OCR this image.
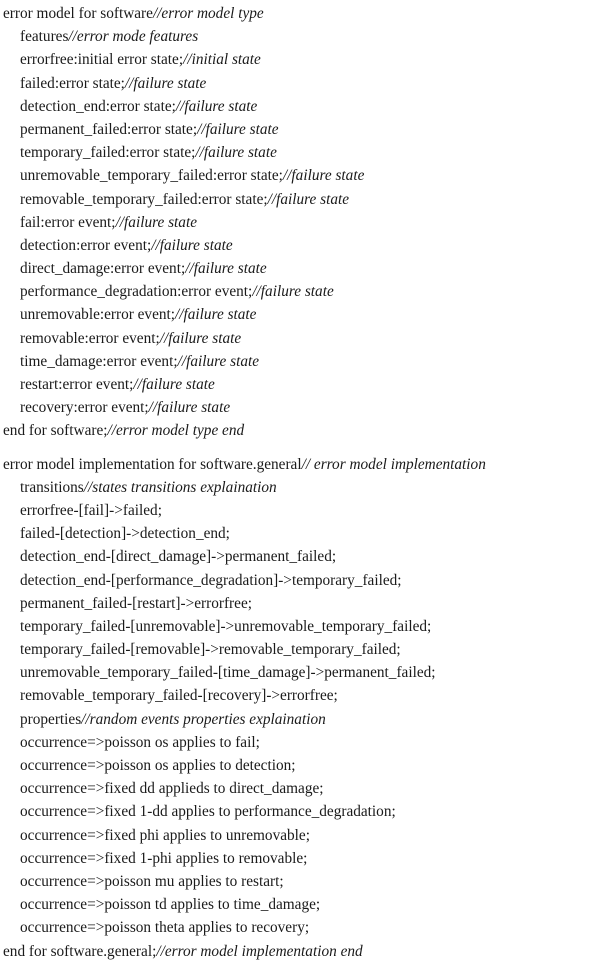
error model for software//error model type
features//error mode features
errorfree:initial error state;//initial state
failed:error state;//failure state
detection_end:error state;//failure state
permanent_failed:error state;//failure state
temporary_failed:error state;//failure state
unremovable_temporary_failed:error state;//failure state
removable_temporary_failed:error state;//failure state
fail:error event;//failure state
detection:error event;//failure state
direct_damage:error event;//failure state
performance_degradation:error event;//failure state
unremovable:error event;//failure state
removable:error event;//failure state
time_damage:error event;//failure state
restart:error event;//failure state
recovery:error event;//failure state
end for software;//error model type end
error model implementation for software.general// error model implementation
transitions//states transitions explaination
errorfree-[fail]->failed;
failed-[detection]->detection_end;
detection_end-[direct_damage]->permanent_failed;
detection_end-[performance_degradation]->temporary_failed;
permanent_failed-[restart]->errorfree;
temporary_failed-[unremovable]->unremovable_temporary_failed;
temporary_failed-[removable]->removable_temporary_failed;
unremovable_temporary_failed-[time_damage]->permanent_failed;
removable_temporary_failed-[recovery]->errorfree;
properties//random events properties explaination
occurrence=>poisson os applies to fail;
occurrence=>poisson os applies to detection;
occurrence=>fixed dd applieds to direct_damage;
occurrence=>fixed 1-dd applies to performance_degradation;
occurrence=>fixed phi applies to unremovable;
occurrence=>fixed 1-phi applies to removable;
occurrence=>poisson mu applies to restart;
occurrence=>poisson td applies to time_damage;
occurrence=>poisson theta applies to recovery;
end for software.general;//error model implementation end
